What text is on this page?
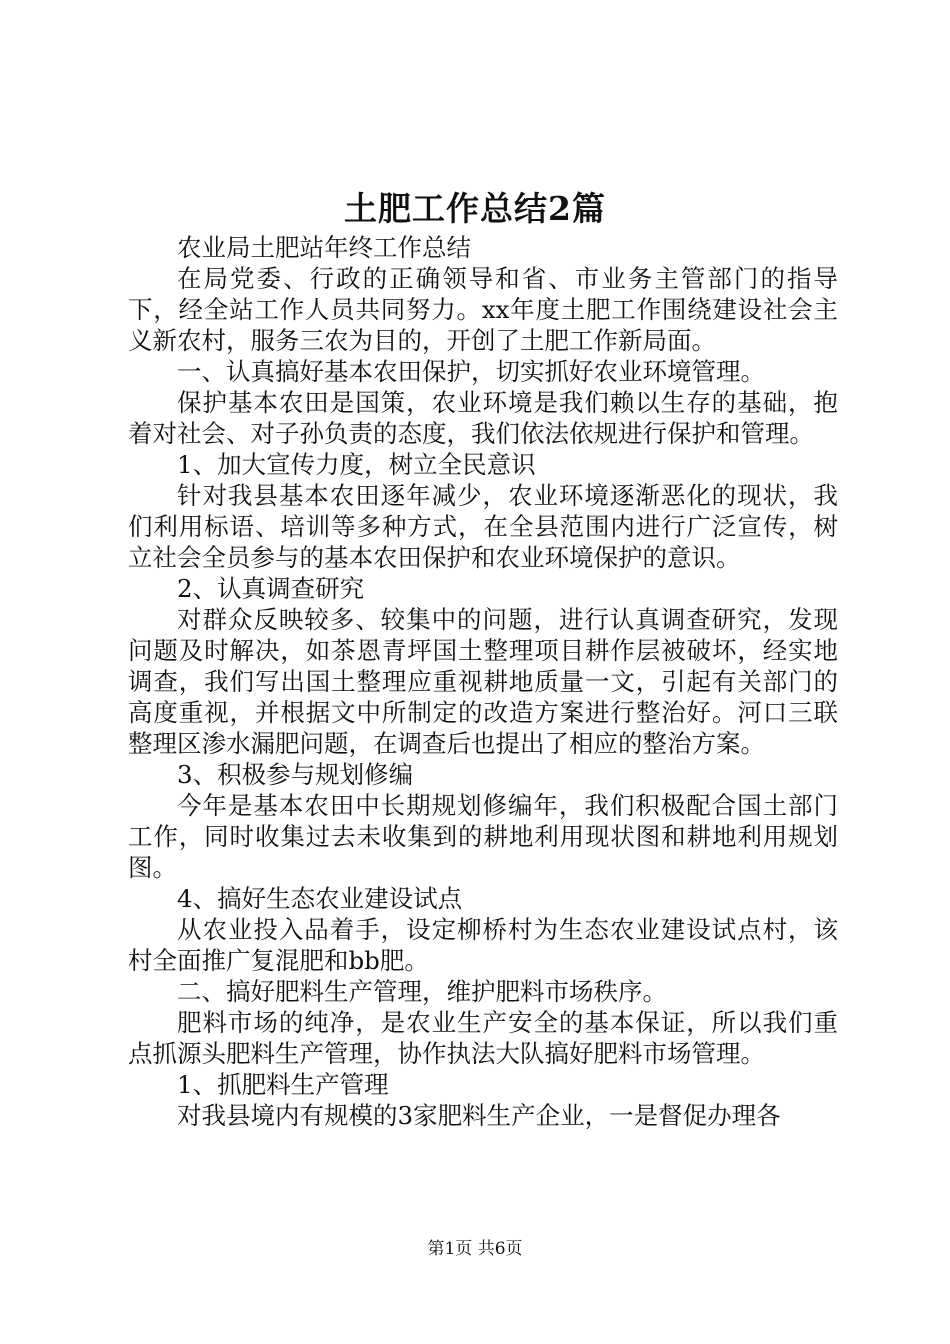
土肥工作总结2篇

农业局土肥站年终工作总结

在局党委、行政的正确领导和省、市业务主管部门的指导下，经全站工作人员共同努力。xx年度土肥工作围绕建设社会主义新农村，服务三农为目的，开创了土肥工作新局面。

一、认真搞好基本农田保护，切实抓好农业环境管理。

保护基本农田是国策，农业环境是我们赖以生存的基础，抱着对社会、对子孙负责的态度，我们依法依规进行保护和管理。

1、加大宣传力度，树立全民意识

针对我县基本农田逐年减少，农业环境逐渐恶化的现状，我们利用标语、培训等多种方式，在全县范围内进行广泛宣传，树立社会全员参与的基本农田保护和农业环境保护的意识。

2、认真调查研究

对群众反映较多、较集中的问题，进行认真调查研究，发现问题及时解决，如茶恩青坪国土整理项目耕作层被破坏，经实地调查，我们写出国土整理应重视耕地质量一文，引起有关部门的高度重视，并根据文中所制定的改造方案进行整治好。河口三联整理区渗水漏肥问题，在调查后也提出了相应的整治方案。

3、积极参与规划修编

今年是基本农田中长期规划修编年，我们积极配合国土部门工作，同时收集过去未收集到的耕地利用现状图和耕地利用规划图。

4、搞好生态农业建设试点

从农业投入品着手，设定柳桥村为生态农业建设试点村，该村全面推广复混肥和bb肥。

二、搞好肥料生产管理，维护肥料市场秩序。

肥料市场的纯净，是农业生产安全的基本保证，所以我们重点抓源头肥料生产管理，协作执法大队搞好肥料市场管理。

1、抓肥料生产管理

对我县境内有规模的3家肥料生产企业，一是督促办理各

第1页 共6页
